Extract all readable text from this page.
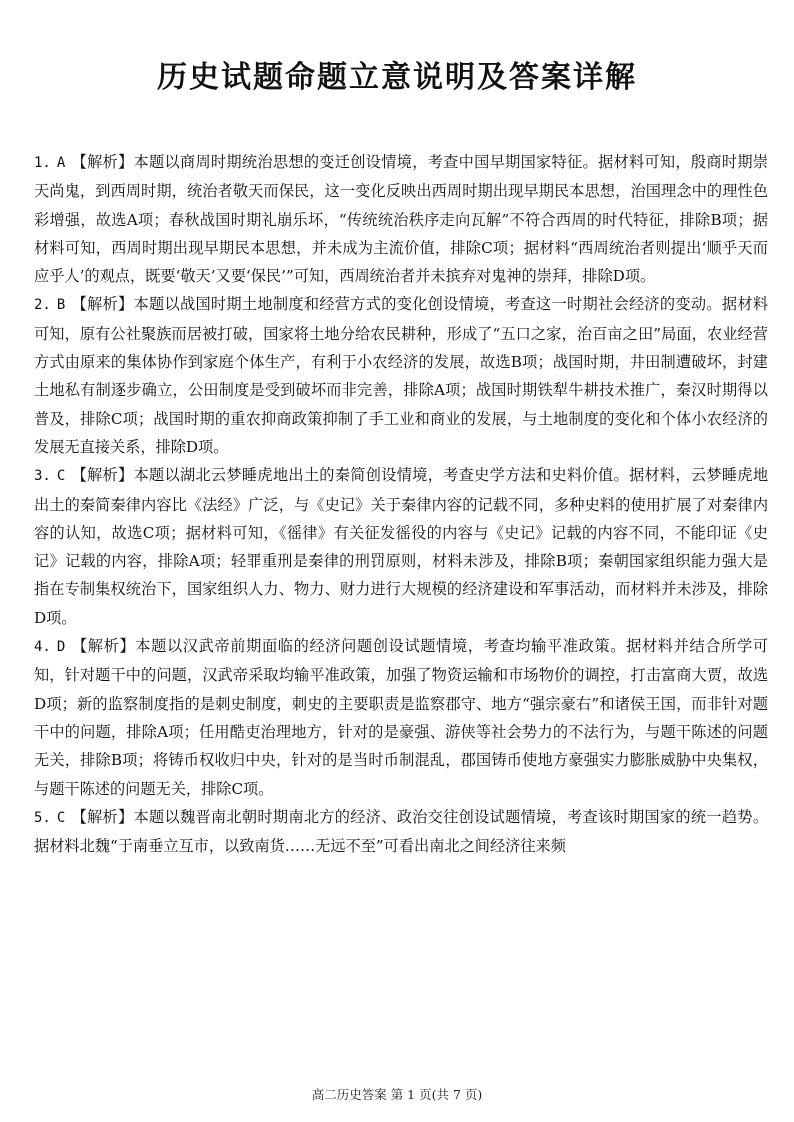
历史试题命题立意说明及答案详解
1. A 【解析】本题以商周时期统治思想的变迁创设情境，考查中国早期国家特征。据材料可知，殷商时期崇天尚鬼，到西周时期，统治者敬天而保民，这一变化反映出西周时期出现早期民本思想，治国理念中的理性色彩增强，故选A项；春秋战国时期礼崩乐坏，“传统统治秩序走向瓦解”不符合西周的时代特征，排除B项；据材料可知，西周时期出现早期民本思想，并未成为主流价值，排除C项；据材料“西周统治者则提出‘顺乎天而应乎人’的观点，既要‘敬天’又要‘保民’”可知，西周统治者并未摈弃对鬼神的崇拜，排除D项。
2. B 【解析】本题以战国时期土地制度和经营方式的变化创设情境，考查这一时期社会经济的变动。据材料可知，原有公社聚族而居被打破，国家将土地分给农民耕种，形成了“五口之家，治百亩之田”局面，农业经营方式由原来的集体协作到家庭个体生产，有利于小农经济的发展，故选B项；战国时期，井田制遭破坏，封建土地私有制逐步确立，公田制度是受到破坏而非完善，排除A项；战国时期铁犁牛耕技术推广，秦汉时期得以普及，排除C项；战国时期的重农抑商政策抑制了手工业和商业的发展，与土地制度的变化和个体小农经济的发展无直接关系，排除D项。
3. C 【解析】本题以湖北云梦睡虎地出土的秦简创设情境，考查史学方法和史料价值。据材料，云梦睡虎地出土的秦简秦律内容比《法经》广泛，与《史记》关于秦律内容的记载不同，多种史料的使用扩展了对秦律内容的认知，故选C项；据材料可知，《徭律》有关征发徭役的内容与《史记》记载的内容不同，不能印证《史记》记载的内容，排除A项；轻罪重刑是秦律的刑罚原则，材料未涉及，排除B项；秦朝国家组织能力强大是指在专制集权统治下，国家组织人力、物力、财力进行大规模的经济建设和军事活动，而材料并未涉及，排除D项。
4. D 【解析】本题以汉武帝前期面临的经济问题创设试题情境，考查均输平准政策。据材料并结合所学可知，针对题干中的问题，汉武帝采取均输平准政策，加强了物资运输和市场物价的调控，打击富商大贾，故选D项；新的监察制度指的是刺史制度，刺史的主要职责是监察郡守、地方“强宗豪右”和诸侯王国，而非针对题干中的问题，排除A项；任用酷吏治理地方，针对的是豪强、游侠等社会势力的不法行为，与题干陈述的问题无关，排除B项；将铸币权收归中央，针对的是当时币制混乱，郡国铸币使地方豪强实力膨胀威胁中央集权，与题干陈述的问题无关，排除C项。
5. C 【解析】本题以魏晋南北朝时期南北方的经济、政治交往创设试题情境，考查该时期国家的统一趋势。据材料北魏“于南垂立互市，以致南货……无远不至”可看出南北之间经济往来频
高二历史答案 第 1 页(共 7 页)
